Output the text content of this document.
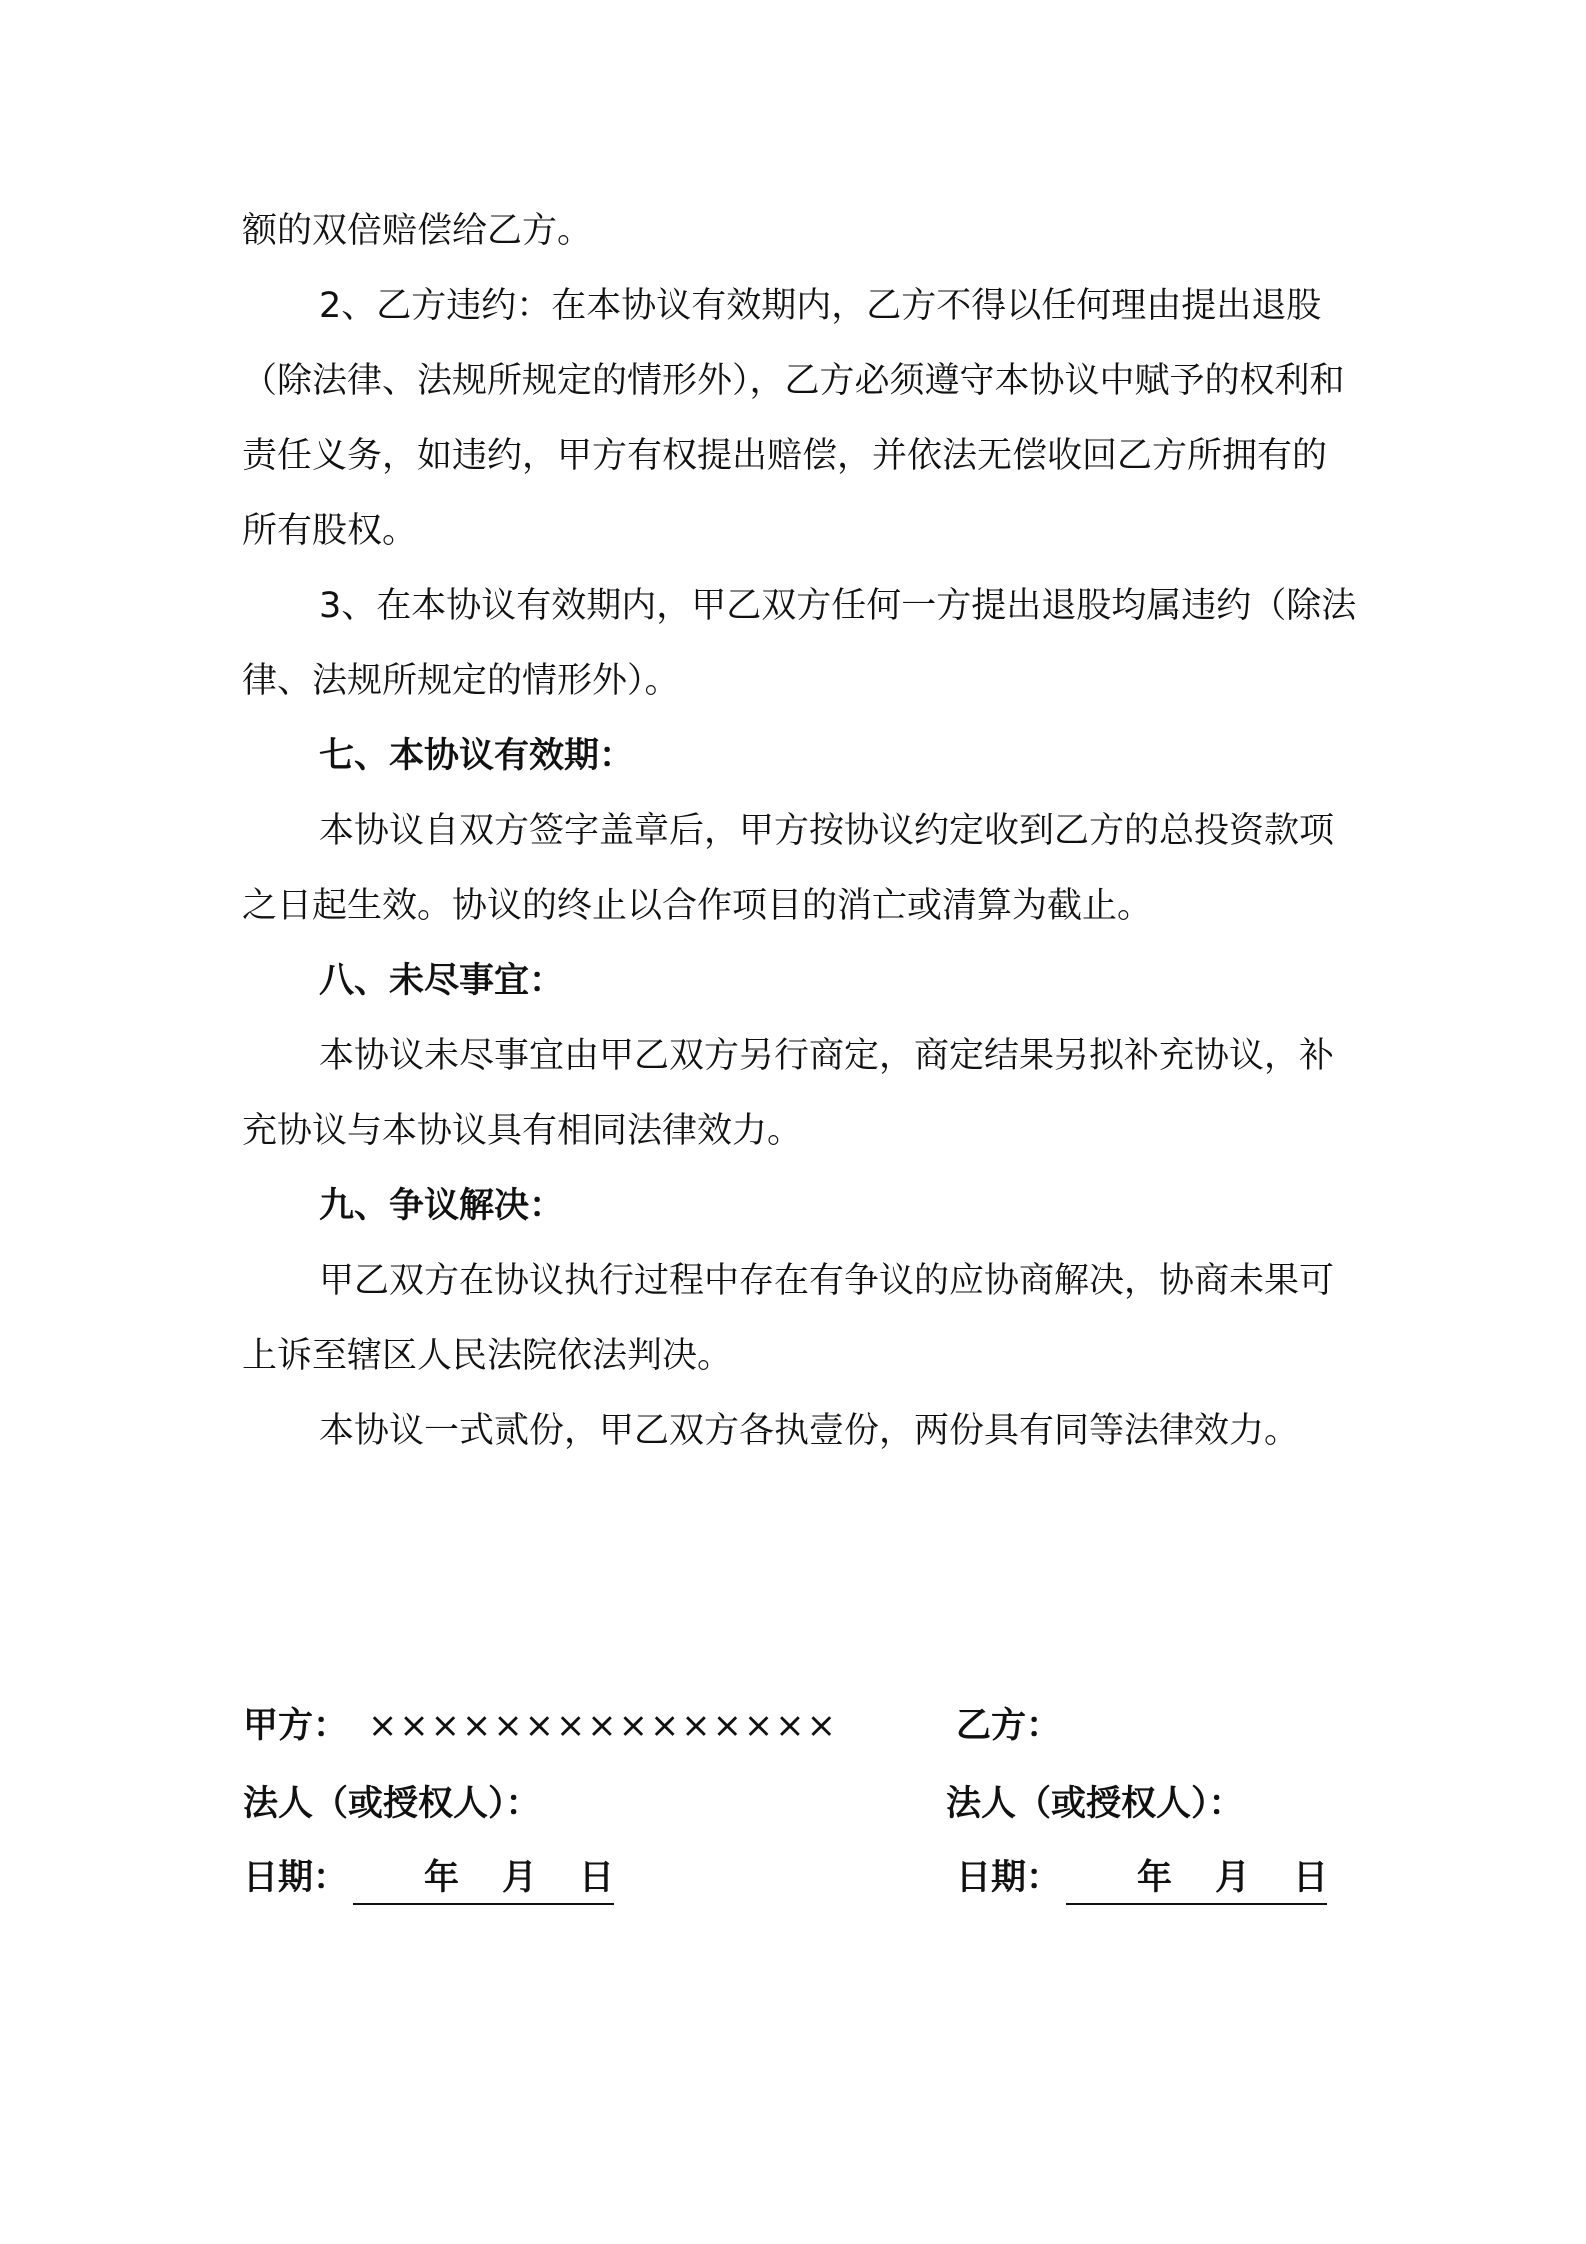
额的双倍赔偿给乙方。

2、乙方违约：在本协议有效期内，乙方不得以任何理由提出退股（除法律、法规所规定的情形外），乙方必须遵守本协议中赋予的权利和责任义务，如违约，甲方有权提出赔偿，并依法无偿收回乙方所拥有的所有股权。

3、在本协议有效期内，甲乙双方任何一方提出退股均属违约（除法律、法规所规定的情形外）。

七、本协议有效期：

本协议自双方签字盖章后，甲方按协议约定收到乙方的总投资款项之日起生效。协议的终止以合作项目的消亡或清算为截止。

八、未尽事宜：

本协议未尽事宜由甲乙双方另行商定，商定结果另拟补充协议，补充协议与本协议具有相同法律效力。

九、争议解决：

甲乙双方在协议执行过程中存在有争议的应协商解决，协商未果可上诉至辖区人民法院依法判决。

本协议一式贰份，甲乙双方各执壹份，两份具有同等法律效力。

甲方： ×××××××××××××××
法人（或授权人）：
日期： 年 月 日
乙方：
法人（或授权人）：
日期： 年 月 日
